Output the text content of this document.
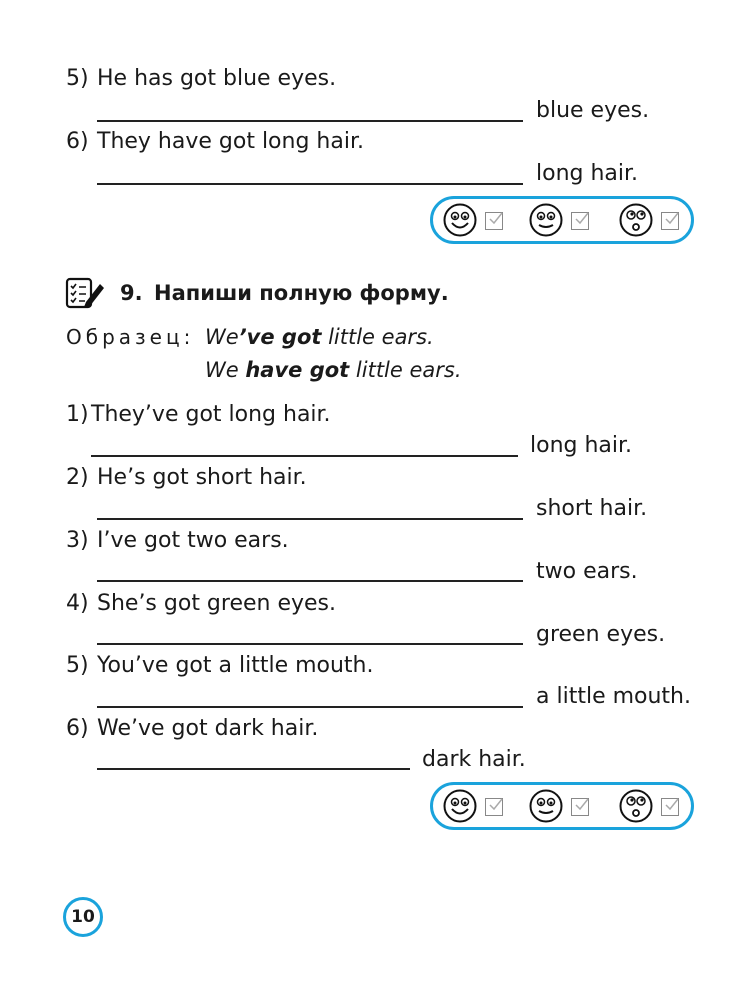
5) He has got blue eyes.
blue eyes.
6) They have got long hair.
long hair.
9. Напиши полную форму.
Образец: We’ve got little ears.
We have got little ears.
1) They’ve got long hair.
long hair.
2) He’s got short hair.
short hair.
3) I’ve got two ears.
two ears.
4) She’s got green eyes.
green eyes.
5) You’ve got a little mouth.
a little mouth.
6) We’ve got dark hair.
dark hair.
10
